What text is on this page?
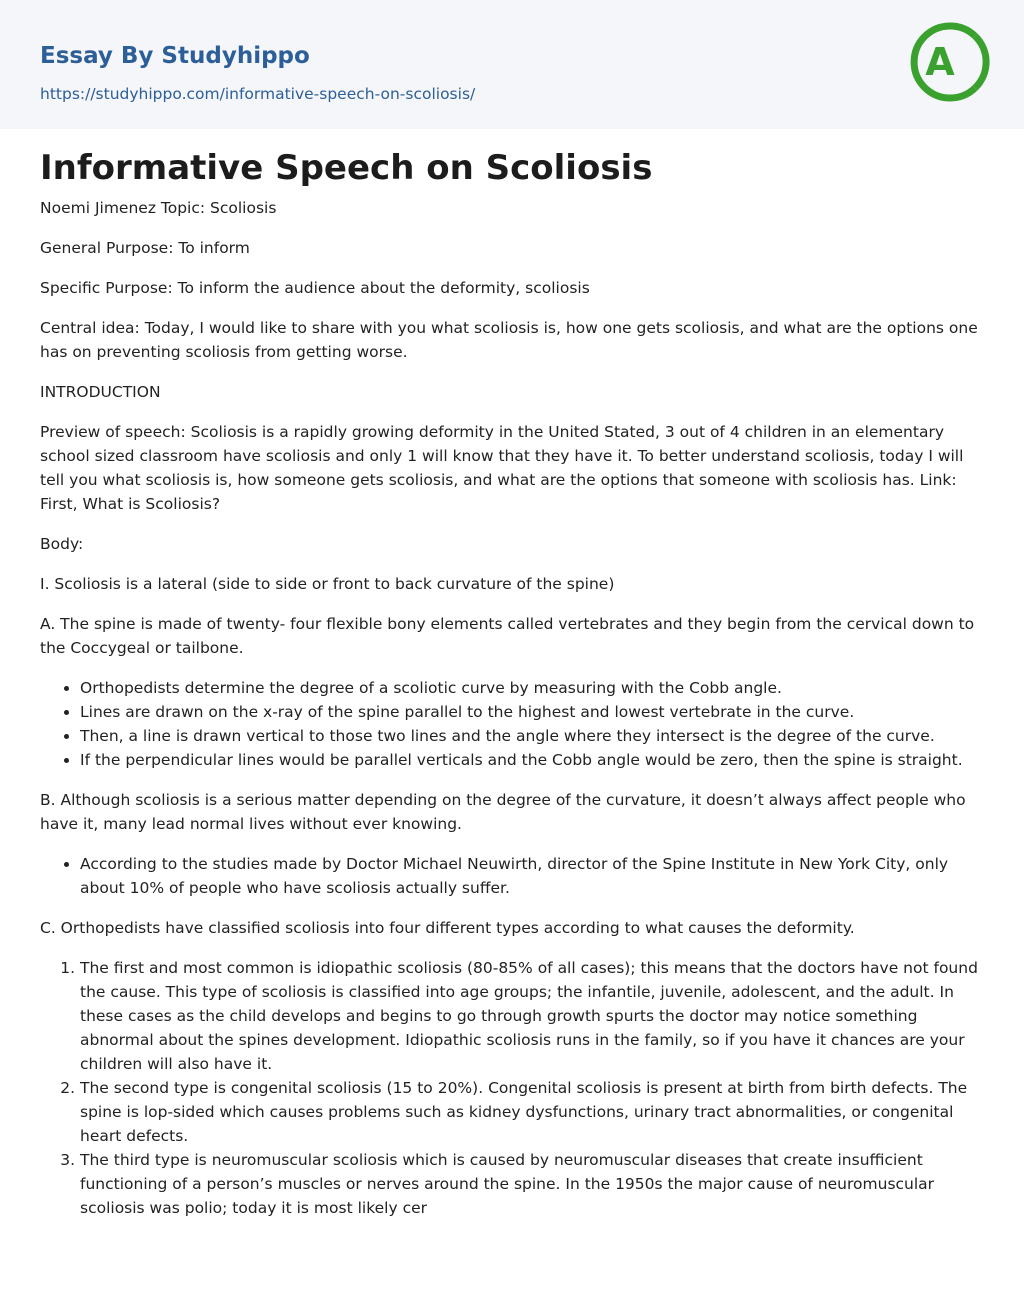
Essay By Studyhippo
https://studyhippo.com/informative-speech-on-scoliosis/
A
Informative Speech on Scoliosis

Noemi Jimenez Topic: Scoliosis

General Purpose: To inform

Specific Purpose: To inform the audience about the deformity, scoliosis

Central idea: Today, I would like to share with you what scoliosis is, how one gets scoliosis, and what are the options one has on preventing scoliosis from getting worse.

INTRODUCTION

Preview of speech: Scoliosis is a rapidly growing deformity in the United Stated, 3 out of 4 children in an elementary school sized classroom have scoliosis and only 1 will know that they have it. To better understand scoliosis, today I will tell you what scoliosis is, how someone gets scoliosis, and what are the options that someone with scoliosis has. Link: First, What is Scoliosis?

Body:

I. Scoliosis is a lateral (side to side or front to back curvature of the spine)

A. The spine is made of twenty- four flexible bony elements called vertebrates and they begin from the cervical down to the Coccygeal or tailbone.

• Orthopedists determine the degree of a scoliotic curve by measuring with the Cobb angle.
• Lines are drawn on the x-ray of the spine parallel to the highest and lowest vertebrate in the curve.
• Then, a line is drawn vertical to those two lines and the angle where they intersect is the degree of the curve.
• If the perpendicular lines would be parallel verticals and the Cobb angle would be zero, then the spine is straight.

B. Although scoliosis is a serious matter depending on the degree of the curvature, it doesn’t always affect people who have it, many lead normal lives without ever knowing.

• According to the studies made by Doctor Michael Neuwirth, director of the Spine Institute in New York City, only about 10% of people who have scoliosis actually suffer.

C. Orthopedists have classified scoliosis into four different types according to what causes the deformity.

1. The first and most common is idiopathic scoliosis (80-85% of all cases); this means that the doctors have not found the cause. This type of scoliosis is classified into age groups; the infantile, juvenile, adolescent, and the adult. In these cases as the child develops and begins to go through growth spurts the doctor may notice something abnormal about the spines development. Idiopathic scoliosis runs in the family, so if you have it chances are your children will also have it.
2. The second type is congenital scoliosis (15 to 20%). Congenital scoliosis is present at birth from birth defects. The spine is lop-sided which causes problems such as kidney dysfunctions, urinary tract abnormalities, or congenital heart defects.
3. The third type is neuromuscular scoliosis which is caused by neuromuscular diseases that create insufficient functioning of a person’s muscles or nerves around the spine. In the 1950s the major cause of neuromuscular scoliosis was polio; today it is most likely cer
